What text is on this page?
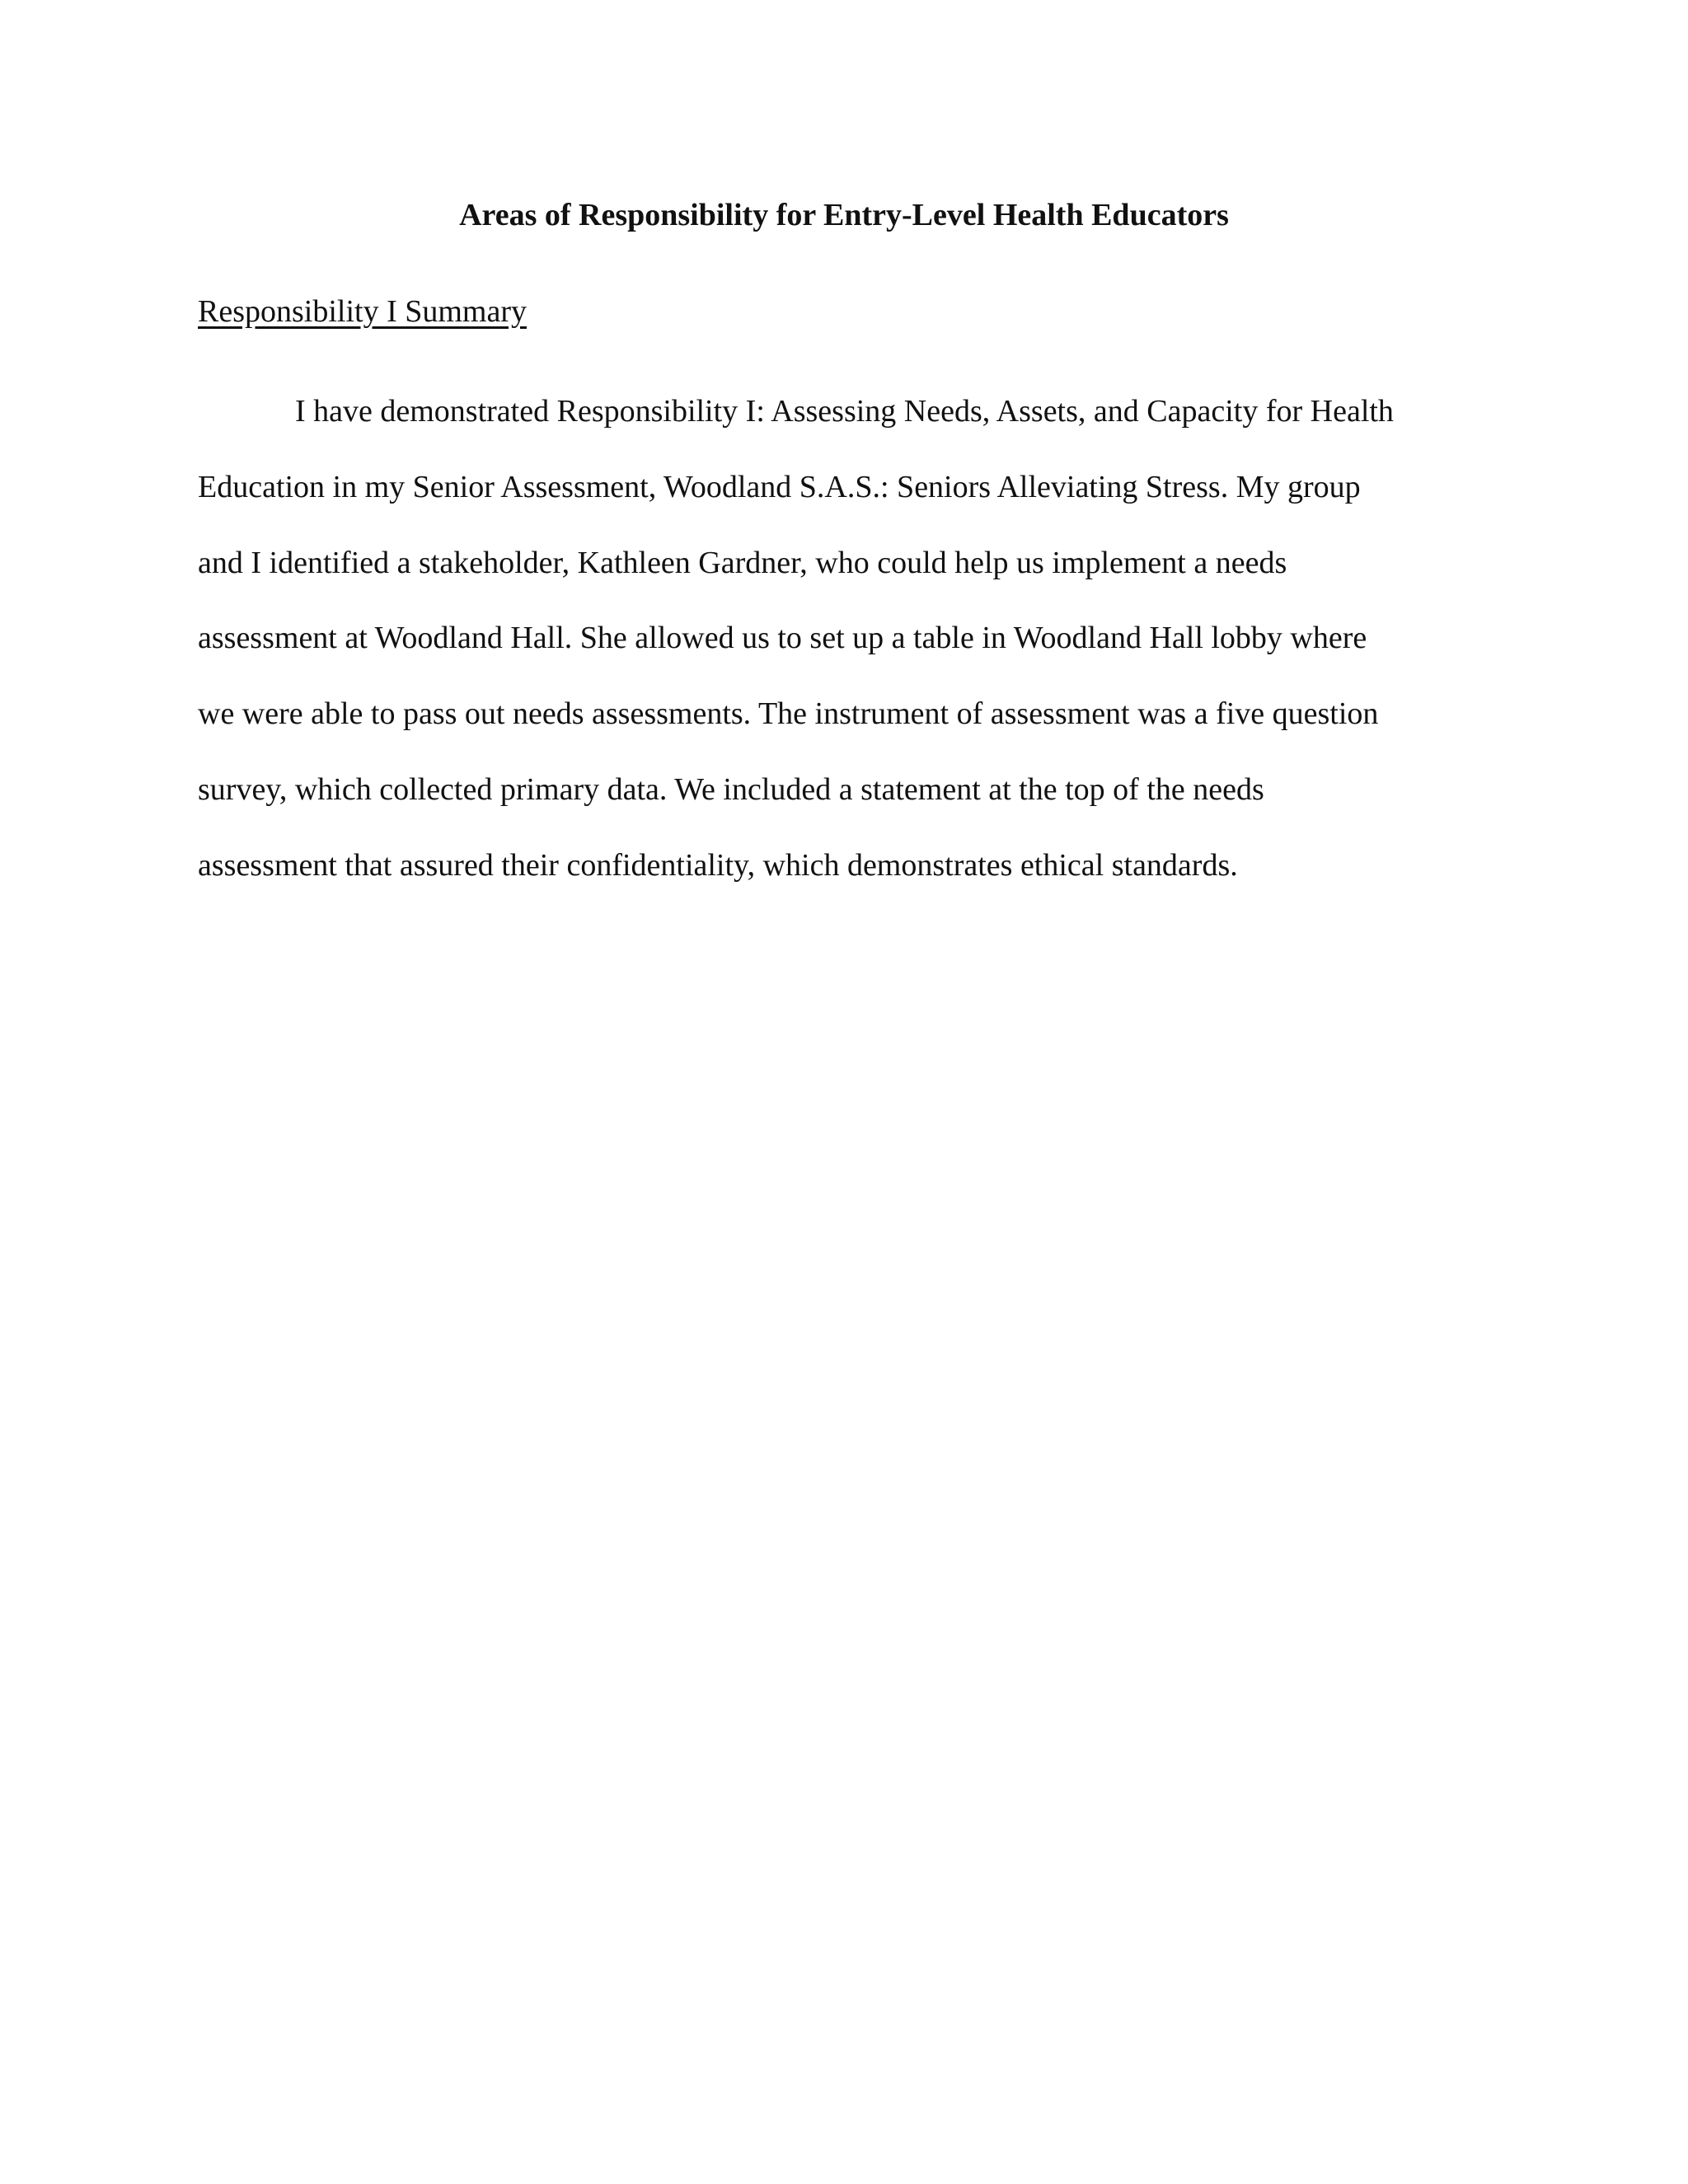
Areas of Responsibility for Entry-Level Health Educators
Responsibility I Summary
I have demonstrated Responsibility I: Assessing Needs, Assets, and Capacity for Health
Education in my Senior Assessment, Woodland S.A.S.: Seniors Alleviating Stress. My group
and I identified a stakeholder, Kathleen Gardner, who could help us implement a needs
assessment at Woodland Hall. She allowed us to set up a table in Woodland Hall lobby where
we were able to pass out needs assessments. The instrument of assessment was a five question
survey, which collected primary data. We included a statement at the top of the needs
assessment that assured their confidentiality, which demonstrates ethical standards.
